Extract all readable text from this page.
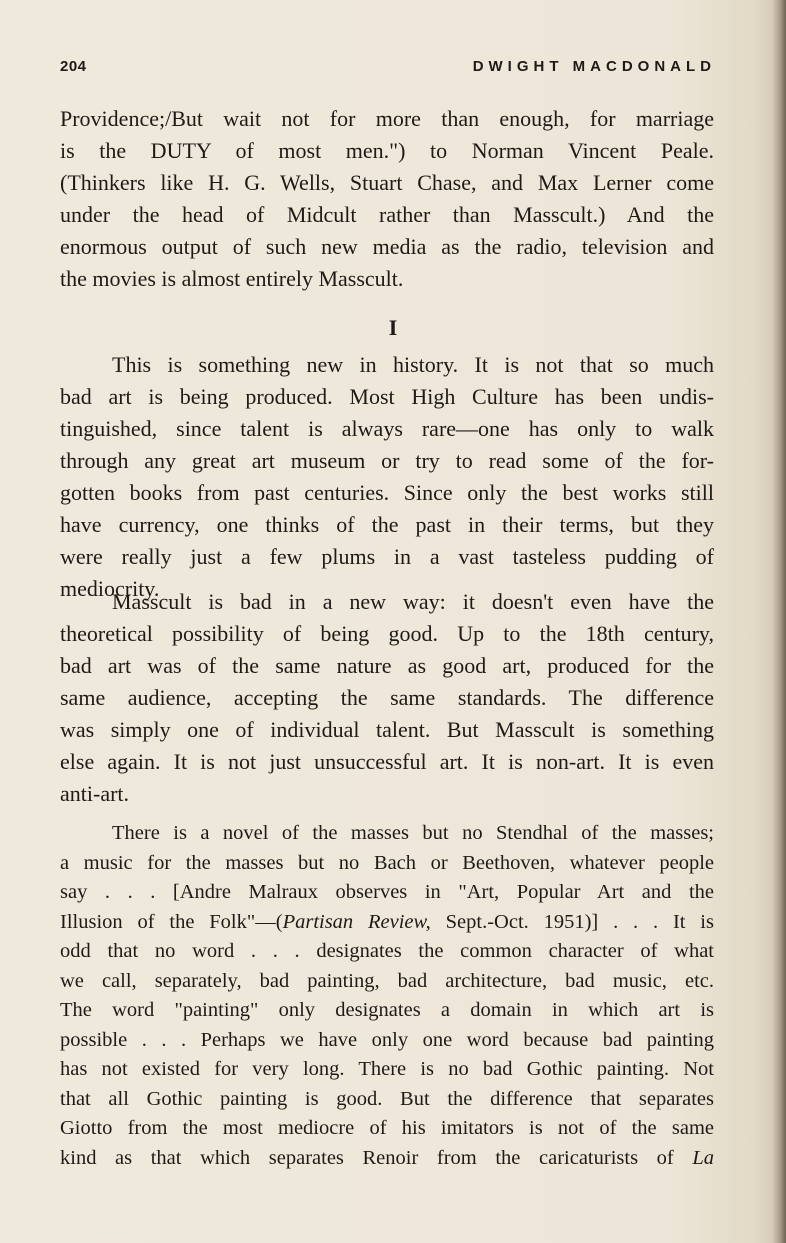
204	DWIGHT MACDONALD
Providence;/But wait not for more than enough, for marriage
is the DUTY of most men.") to Norman Vincent Peale.
(Thinkers like H. G. Wells, Stuart Chase, and Max Lerner come
under the head of Midcult rather than Masscult.) And the
enormous output of such new media as the radio, television and
the movies is almost entirely Masscult.
I
This is something new in history. It is not that so much
bad art is being produced. Most High Culture has been undis-
tinguished, since talent is always rare—one has only to walk
through any great art museum or try to read some of the for-
gotten books from past centuries. Since only the best works still
have currency, one thinks of the past in their terms, but they
were really just a few plums in a vast tasteless pudding of
mediocrity.
Masscult is bad in a new way: it doesn't even have the
theoretical possibility of being good. Up to the 18th century,
bad art was of the same nature as good art, produced for the
same audience, accepting the same standards. The difference
was simply one of individual talent. But Masscult is something
else again. It is not just unsuccessful art. It is non-art. It is even
anti-art.
There is a novel of the masses but no Stendhal of the masses;
a music for the masses but no Bach or Beethoven, whatever people
say . . . [Andre Malraux observes in "Art, Popular Art and the
Illusion of the Folk"—(Partisan Review, Sept.-Oct. 1951)] . . . It is
odd that no word . . . designates the common character of what
we call, separately, bad painting, bad architecture, bad music, etc.
The word "painting" only designates a domain in which art is
possible . . . Perhaps we have only one word because bad painting
has not existed for very long. There is no bad Gothic painting. Not
that all Gothic painting is good. But the difference that separates
Giotto from the most mediocre of his imitators is not of the same
kind as that which separates Renoir from the caricaturists of La
